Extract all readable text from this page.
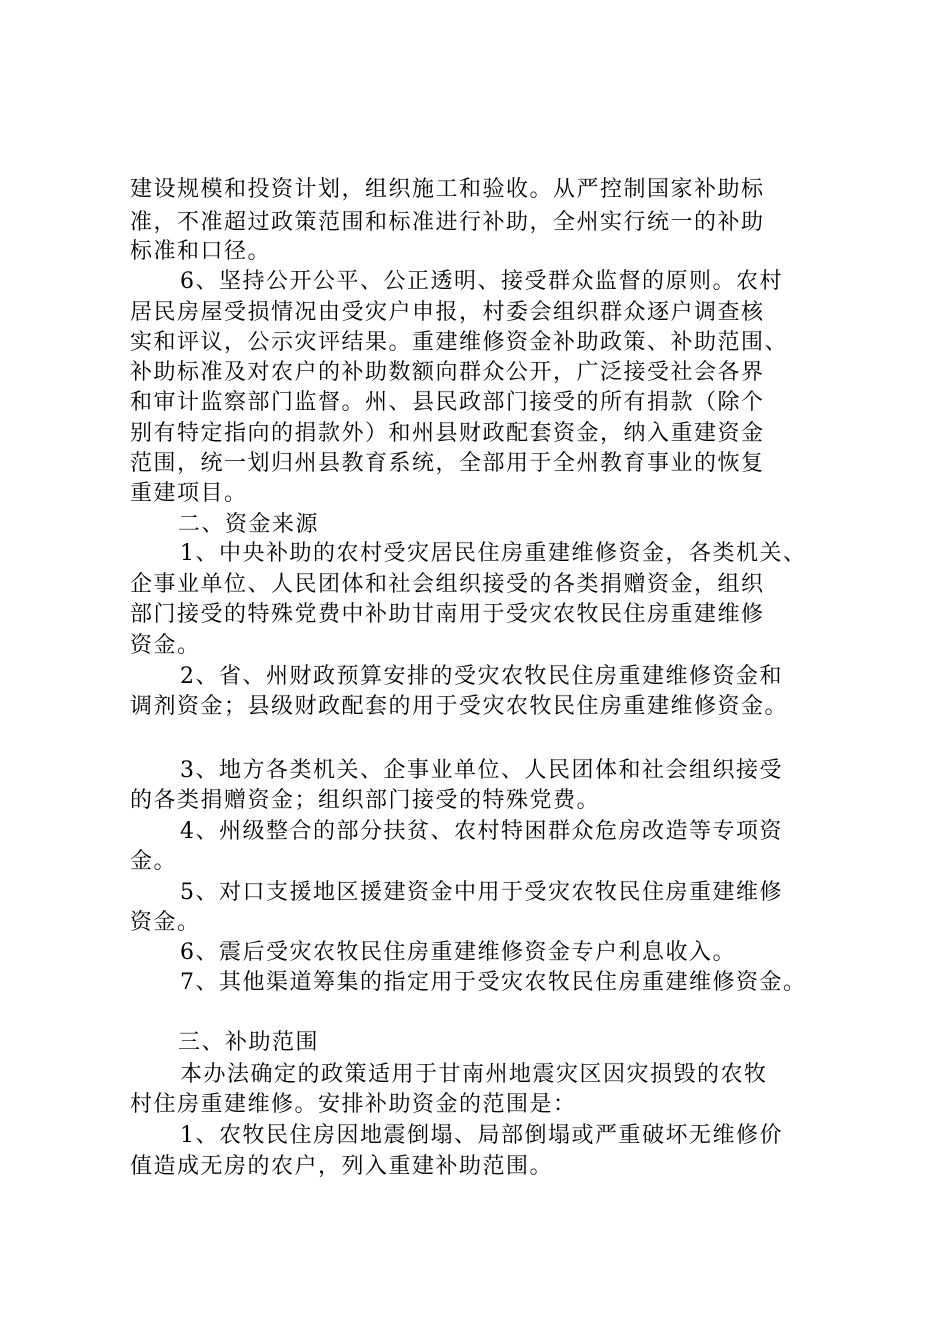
建设规模和投资计划，组织施工和验收。从严控制国家补助标
准，不准超过政策范围和标准进行补助，全州实行统一的补助
标准和口径。
6、坚持公开公平、公正透明、接受群众监督的原则。农村
居民房屋受损情况由受灾户申报，村委会组织群众逐户调查核
实和评议，公示灾评结果。重建维修资金补助政策、补助范围、
补助标准及对农户的补助数额向群众公开，广泛接受社会各界
和审计监察部门监督。州、县民政部门接受的所有捐款（除个
别有特定指向的捐款外）和州县财政配套资金，纳入重建资金
范围，统一划归州县教育系统，全部用于全州教育事业的恢复
重建项目。
二、资金来源
1、中央补助的农村受灾居民住房重建维修资金，各类机关、
企事业单位、人民团体和社会组织接受的各类捐赠资金，组织
部门接受的特殊党费中补助甘南用于受灾农牧民住房重建维修
资金。
2、省、州财政预算安排的受灾农牧民住房重建维修资金和
调剂资金；县级财政配套的用于受灾农牧民住房重建维修资金。
3、地方各类机关、企事业单位、人民团体和社会组织接受
的各类捐赠资金；组织部门接受的特殊党费。
4、州级整合的部分扶贫、农村特困群众危房改造等专项资
金。
5、对口支援地区援建资金中用于受灾农牧民住房重建维修
资金。
6、震后受灾农牧民住房重建维修资金专户利息收入。
7、其他渠道筹集的指定用于受灾农牧民住房重建维修资金。
三、补助范围
本办法确定的政策适用于甘南州地震灾区因灾损毁的农牧
村住房重建维修。安排补助资金的范围是：
1、农牧民住房因地震倒塌、局部倒塌或严重破坏无维修价
值造成无房的农户，列入重建补助范围。
